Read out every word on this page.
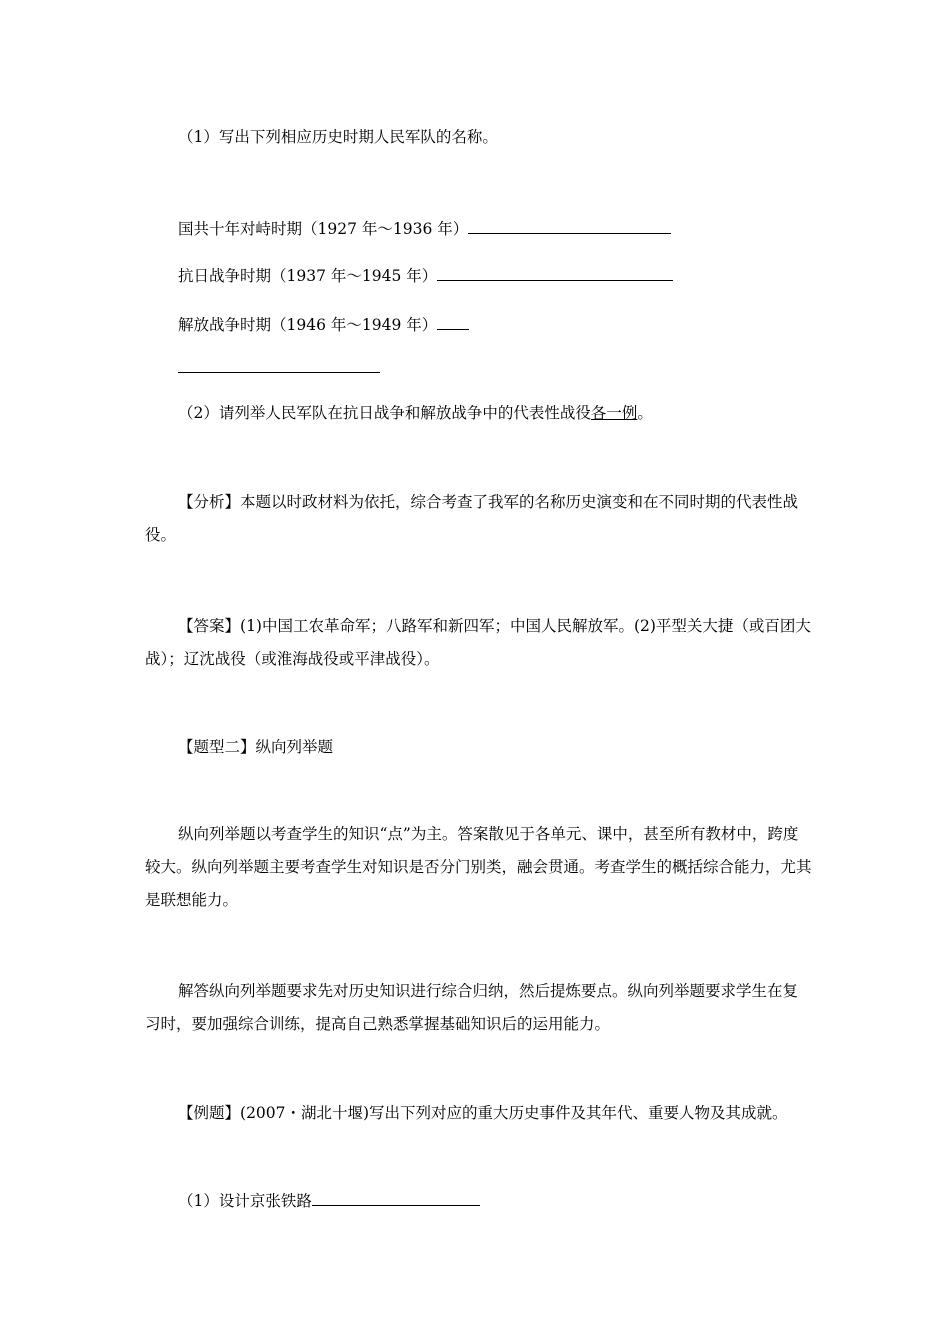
（1）写出下列相应历史时期人民军队的名称。
国共十年对峙时期（1927 年～1936 年）
抗日战争时期（1937 年～1945 年）
解放战争时期（1946 年～1949 年）
（2）请列举人民军队在抗日战争和解放战争中的代表性战役各一例。
【分析】本题以时政材料为依托，综合考查了我军的名称历史演变和在不同时期的代表性战役。
【答案】(1)中国工农革命军；八路军和新四军；中国人民解放军。(2)平型关大捷（或百团大战）；辽沈战役（或淮海战役或平津战役）。
【题型二】纵向列举题
纵向列举题以考查学生的知识“点”为主。答案散见于各单元、课中，甚至所有教材中，跨度较大。纵向列举题主要考查学生对知识是否分门别类，融会贯通。考查学生的概括综合能力，尤其是联想能力。
解答纵向列举题要求先对历史知识进行综合归纳，然后提炼要点。纵向列举题要求学生在复习时，要加强综合训练，提高自己熟悉掌握基础知识后的运用能力。
【例题】(2007・湖北十堰)写出下列对应的重大历史事件及其年代、重要人物及其成就。
（1）设计京张铁路
